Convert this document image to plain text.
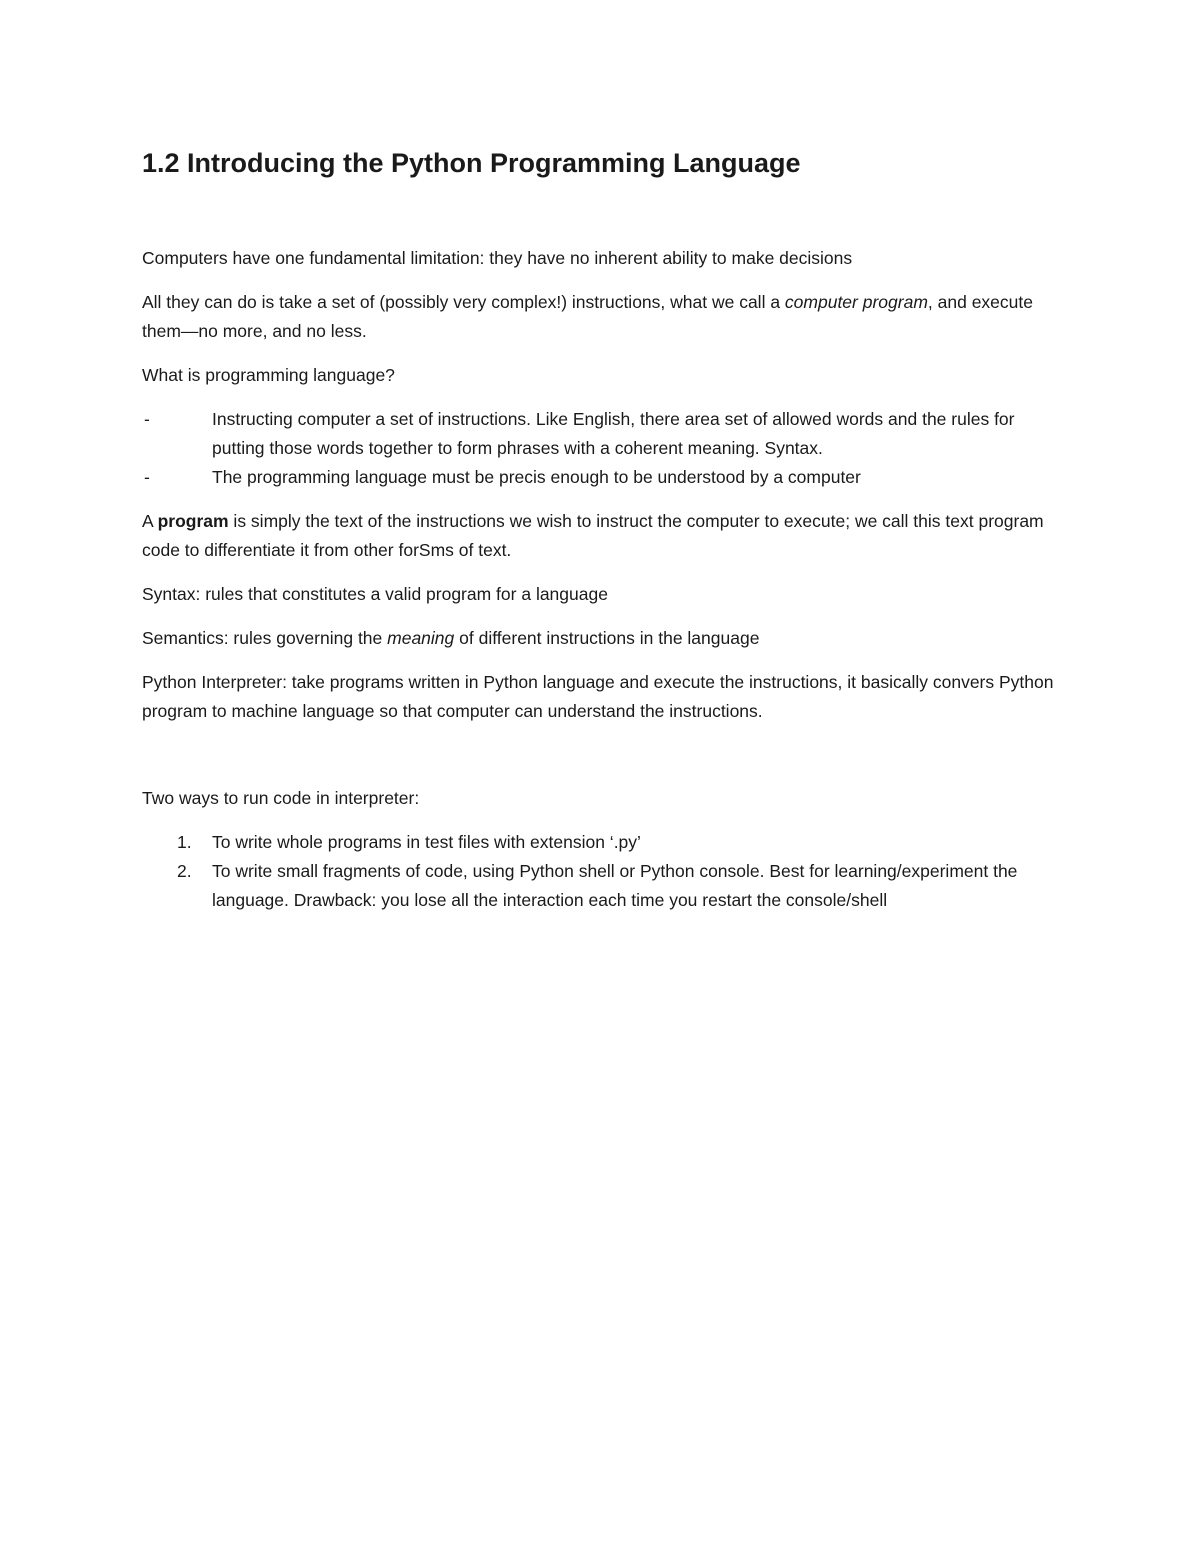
1.2 Introducing the Python Programming Language

Computers have one fundamental limitation: they have no inherent ability to make decisions

All they can do is take a set of (possibly very complex!) instructions, what we call a computer program, and execute them—no more, and no less.

What is programming language?

-	Instructing computer a set of instructions. Like English, there area set of allowed words and the rules for putting those words together to form phrases with a coherent meaning. Syntax.
-	The programming language must be precis enough to be understood by a computer

A program is simply the text of the instructions we wish to instruct the computer to execute; we call this text program code to differentiate it from other forSms of text.

Syntax: rules that constitutes a valid program for a language

Semantics: rules governing the meaning of different instructions in the language

Python Interpreter: take programs written in Python language and execute the instructions, it basically convers Python program to machine language so that computer can understand the instructions.

Two ways to run code in interpreter:

1. To write whole programs in test files with extension ‘.py’
2. To write small fragments of code, using Python shell or Python console. Best for learning/experiment the language. Drawback: you lose all the interaction each time you restart the console/shell
